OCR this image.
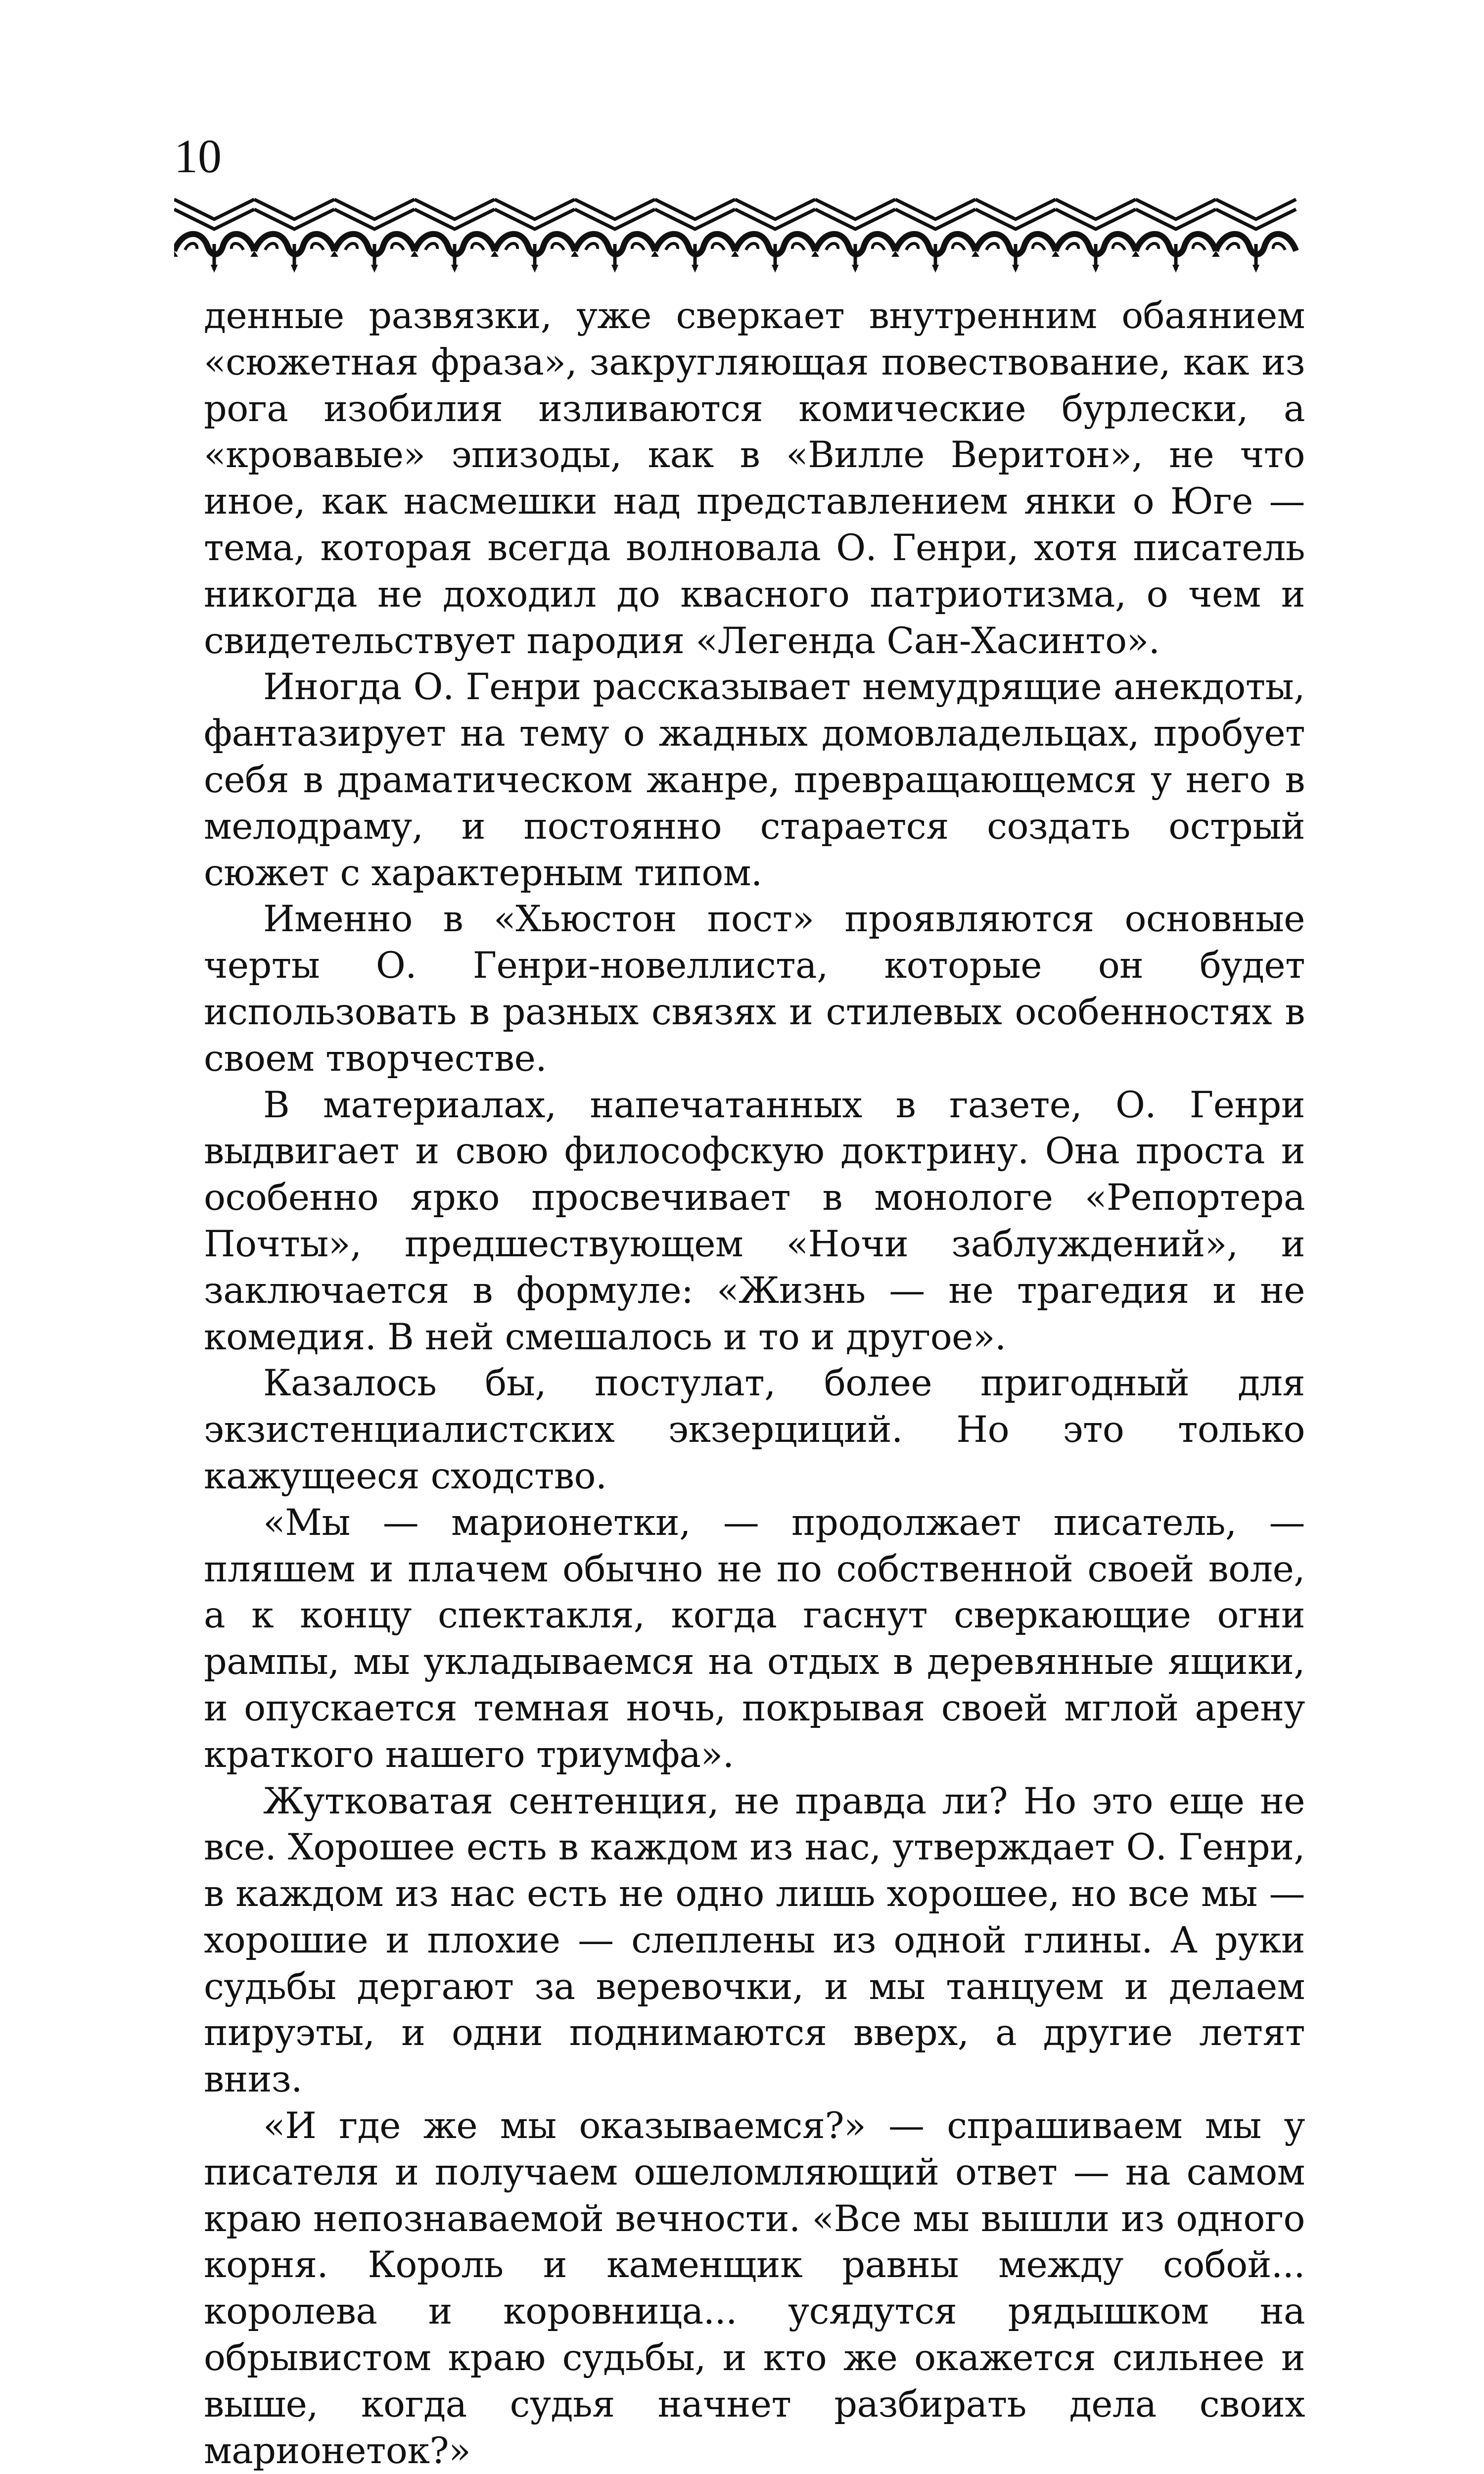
10

денные развязки, уже сверкает внутренним обаянием «сюжетная фраза», закругляющая повествование, как из рога изобилия изливаются комические бурлески, а «кровавые» эпизоды, как в «Вилле Веритон», не что иное, как насмешки над представлением янки о Юге — тема, которая всегда волновала О. Генри, хотя писатель никогда не доходил до квасного патриотизма, о чем и свидетельствует пародия «Легенда Сан-Хасинто».

Иногда О. Генри рассказывает немудрящие анекдоты, фантазирует на тему о жадных домовладельцах, пробует себя в драматическом жанре, превращающемся у него в мелодраму, и постоянно старается создать острый сюжет с характерным типом.

Именно в «Хьюстон пост» проявляются основные черты О. Генри-новеллиста, которые он будет использовать в разных связях и стилевых особенностях в своем творчестве.

В материалах, напечатанных в газете, О. Генри выдвигает и свою философскую доктрину. Она проста и особенно ярко просвечивает в монологе «Репортера Почты», предшествующем «Ночи заблуждений», и заключается в формуле: «Жизнь — не трагедия и не комедия. В ней смешалось и то и другое».

Казалось бы, постулат, более пригодный для экзистенциалистских экзерциций. Но это только кажущееся сходство.

«Мы — марионетки, — продолжает писатель, — пляшем и плачем обычно не по собственной своей воле, а к концу спектакля, когда гаснут сверкающие огни рампы, мы укладываемся на отдых в деревянные ящики, и опускается темная ночь, покрывая своей мглой арену краткого нашего триумфа».

Жутковатая сентенция, не правда ли? Но это еще не все. Хорошее есть в каждом из нас, утверждает О. Генри, в каждом из нас есть не одно лишь хорошее, но все мы — хорошие и плохие — слеплены из одной глины. А руки судьбы дергают за веревочки, и мы танцуем и делаем пируэты, и одни поднимаются вверх, а другие летят вниз.

«И где же мы оказываемся?» — спрашиваем мы у писателя и получаем ошеломляющий ответ — на самом краю непознаваемой вечности. «Все мы вышли из одного корня. Король и каменщик равны между собой... королева и коровница... усядутся рядышком на обрывистом краю судьбы, и кто же окажется сильнее и выше, когда судья начнет разбирать дела своих марионеток?»
